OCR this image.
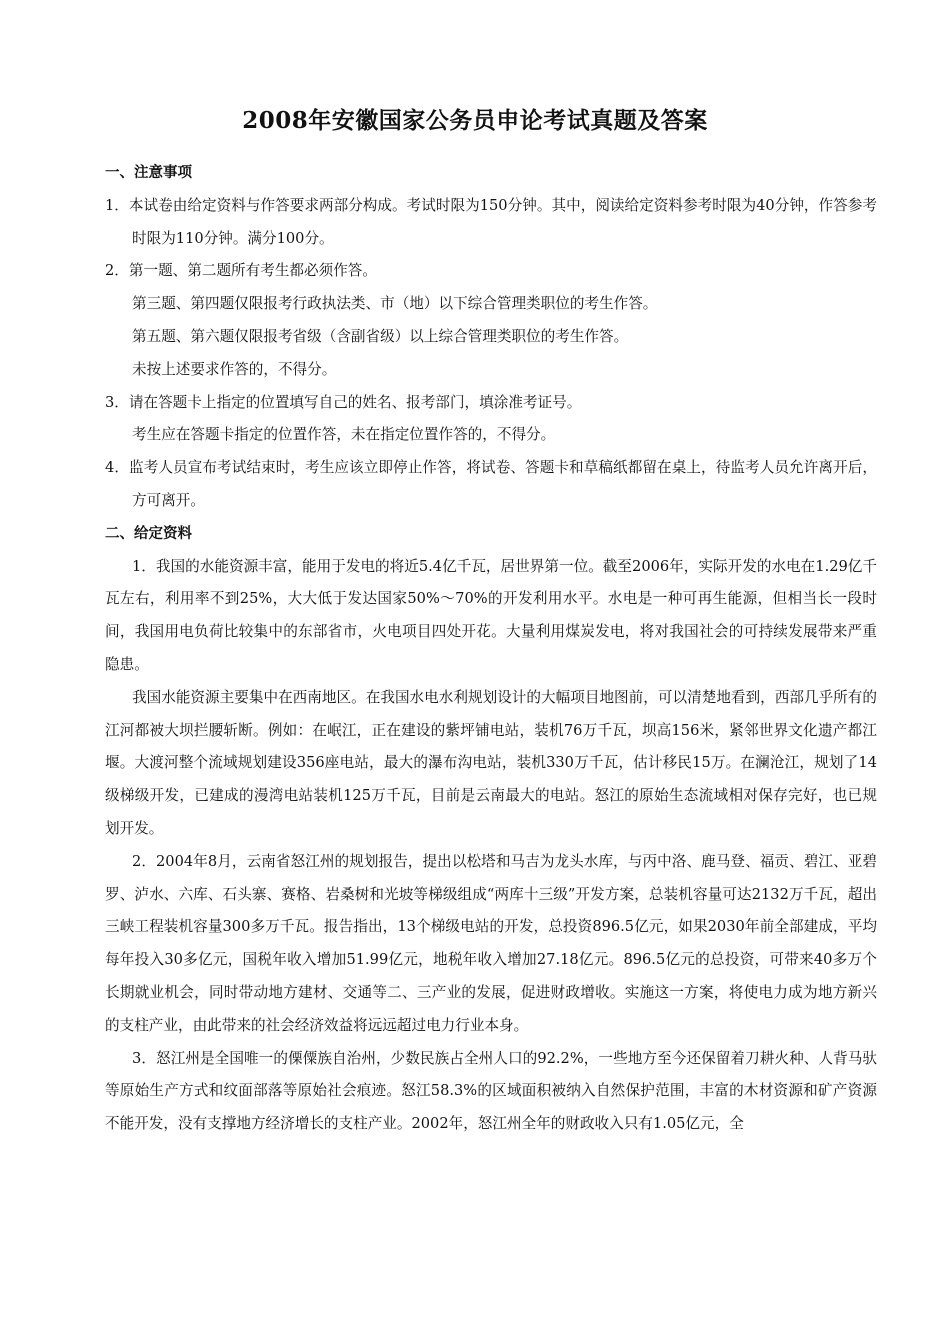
2008年安徽国家公务员申论考试真题及答案
一、注意事项

1．本试卷由给定资料与作答要求两部分构成。考试时限为150分钟。其中，阅读给定资料参考时限为40分钟，作答参考时限为110分钟。满分100分。

2．第一题、第二题所有考生都必须作答。

第三题、第四题仅限报考行政执法类、市（地）以下综合管理类职位的考生作答。

第五题、第六题仅限报考省级（含副省级）以上综合管理类职位的考生作答。

未按上述要求作答的，不得分。

3．请在答题卡上指定的位置填写自己的姓名、报考部门，填涂准考证号。

考生应在答题卡指定的位置作答，未在指定位置作答的，不得分。

4．监考人员宣布考试结束时，考生应该立即停止作答，将试卷、答题卡和草稿纸都留在桌上，待监考人员允许离开后，方可离开。

二、给定资料

1．我国的水能资源丰富，能用于发电的将近5.4亿千瓦，居世界第一位。截至2006年，实际开发的水电在1.29亿千瓦左右，利用率不到25%，大大低于发达国家50%～70%的开发利用水平。水电是一种可再生能源，但相当长一段时间，我国用电负荷比较集中的东部省市，火电项目四处开花。大量利用煤炭发电，将对我国社会的可持续发展带来严重隐患。

我国水能资源主要集中在西南地区。在我国水电水利规划设计的大幅项目地图前，可以清楚地看到，西部几乎所有的江河都被大坝拦腰斩断。例如：在岷江，正在建设的紫坪铺电站，装机76万千瓦，坝高156米，紧邻世界文化遗产都江堰。大渡河整个流域规划建设356座电站，最大的瀑布沟电站，装机330万千瓦，估计移民15万。在澜沧江，规划了14级梯级开发，已建成的漫湾电站装机125万千瓦，目前是云南最大的电站。怒江的原始生态流域相对保存完好，也已规划开发。

2．2004年8月，云南省怒江州的规划报告，提出以松塔和马吉为龙头水库，与丙中洛、鹿马登、福贡、碧江、亚碧罗、泸水、六库、石头寨、赛格、岩桑树和光坡等梯级组成“两库十三级”开发方案，总装机容量可达2132万千瓦，超出三峡工程装机容量300多万千瓦。报告指出，13个梯级电站的开发，总投资896.5亿元，如果2030年前全部建成，平均每年投入30多亿元，国税年收入增加51.99亿元，地税年收入增加27.18亿元。896.5亿元的总投资，可带来40多万个长期就业机会，同时带动地方建材、交通等二、三产业的发展，促进财政增收。实施这一方案，将使电力成为地方新兴的支柱产业，由此带来的社会经济效益将远远超过电力行业本身。

3．怒江州是全国唯一的傈僳族自治州，少数民族占全州人口的92.2%，一些地方至今还保留着刀耕火种、人背马驮等原始生产方式和纹面部落等原始社会痕迹。怒江58.3%的区域面积被纳入自然保护范围，丰富的木材资源和矿产资源不能开发，没有支撑地方经济增长的支柱产业。2002年，怒江州全年的财政收入只有1.05亿元，全
